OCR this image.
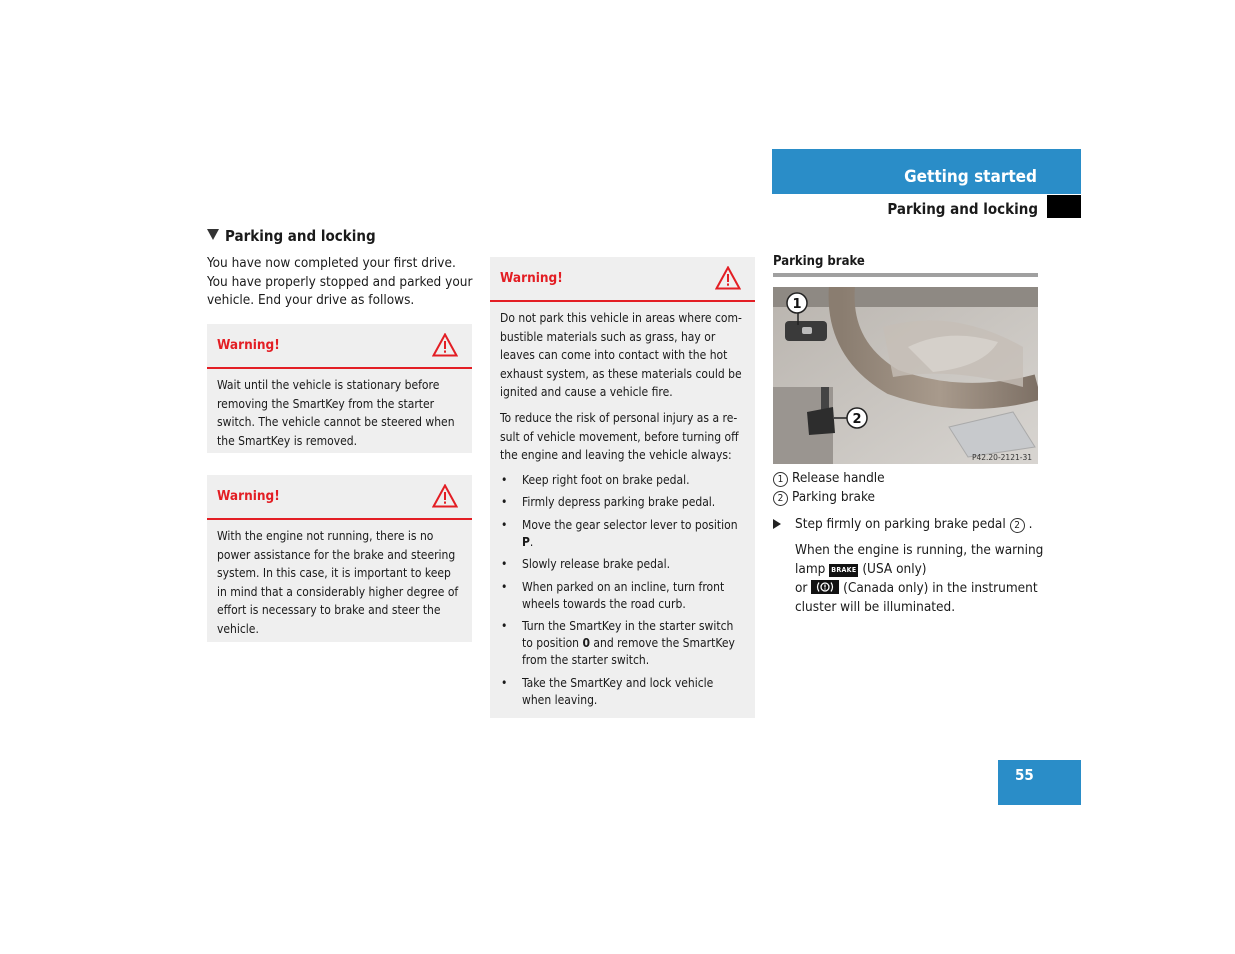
Getting started
Parking and locking
Parking and locking
You have now completed your first drive. You have properly stopped and parked your vehicle. End your drive as follows.
Warning!
Wait until the vehicle is stationary before removing the SmartKey from the starter switch. The vehicle cannot be steered when the SmartKey is removed.
Warning!
With the engine not running, there is no power assistance for the brake and steering system. In this case, it is important to keep in mind that a considerably higher degree of effort is necessary to brake and steer the vehicle.
Warning!

Do not park this vehicle in areas where com- bustible materials such as grass, hay or leaves can come into contact with the hot exhaust system, as these materials could be ignited and cause a vehicle fire.

To reduce the risk of personal injury as a re- sult of vehicle movement, before turning off the engine and leaving the vehicle always:

• Keep right foot on brake pedal.
• Firmly depress parking brake pedal.
• Move the gear selector lever to position P.
• Slowly release brake pedal.
• When parked on an incline, turn front wheels towards the road curb.
• Turn the SmartKey in the starter switch to position 0 and remove the SmartKey from the starter switch.
• Take the SmartKey and lock vehicle when leaving.
Parking brake
1
2
P42.20-2121-31
1 Release handle
2 Parking brake
Step firmly on parking brake pedal 2 .
When the engine is running, the warning lamp BRAKE (USA only)
or	(Canada only) in the instrument cluster will be illuminated.
55
